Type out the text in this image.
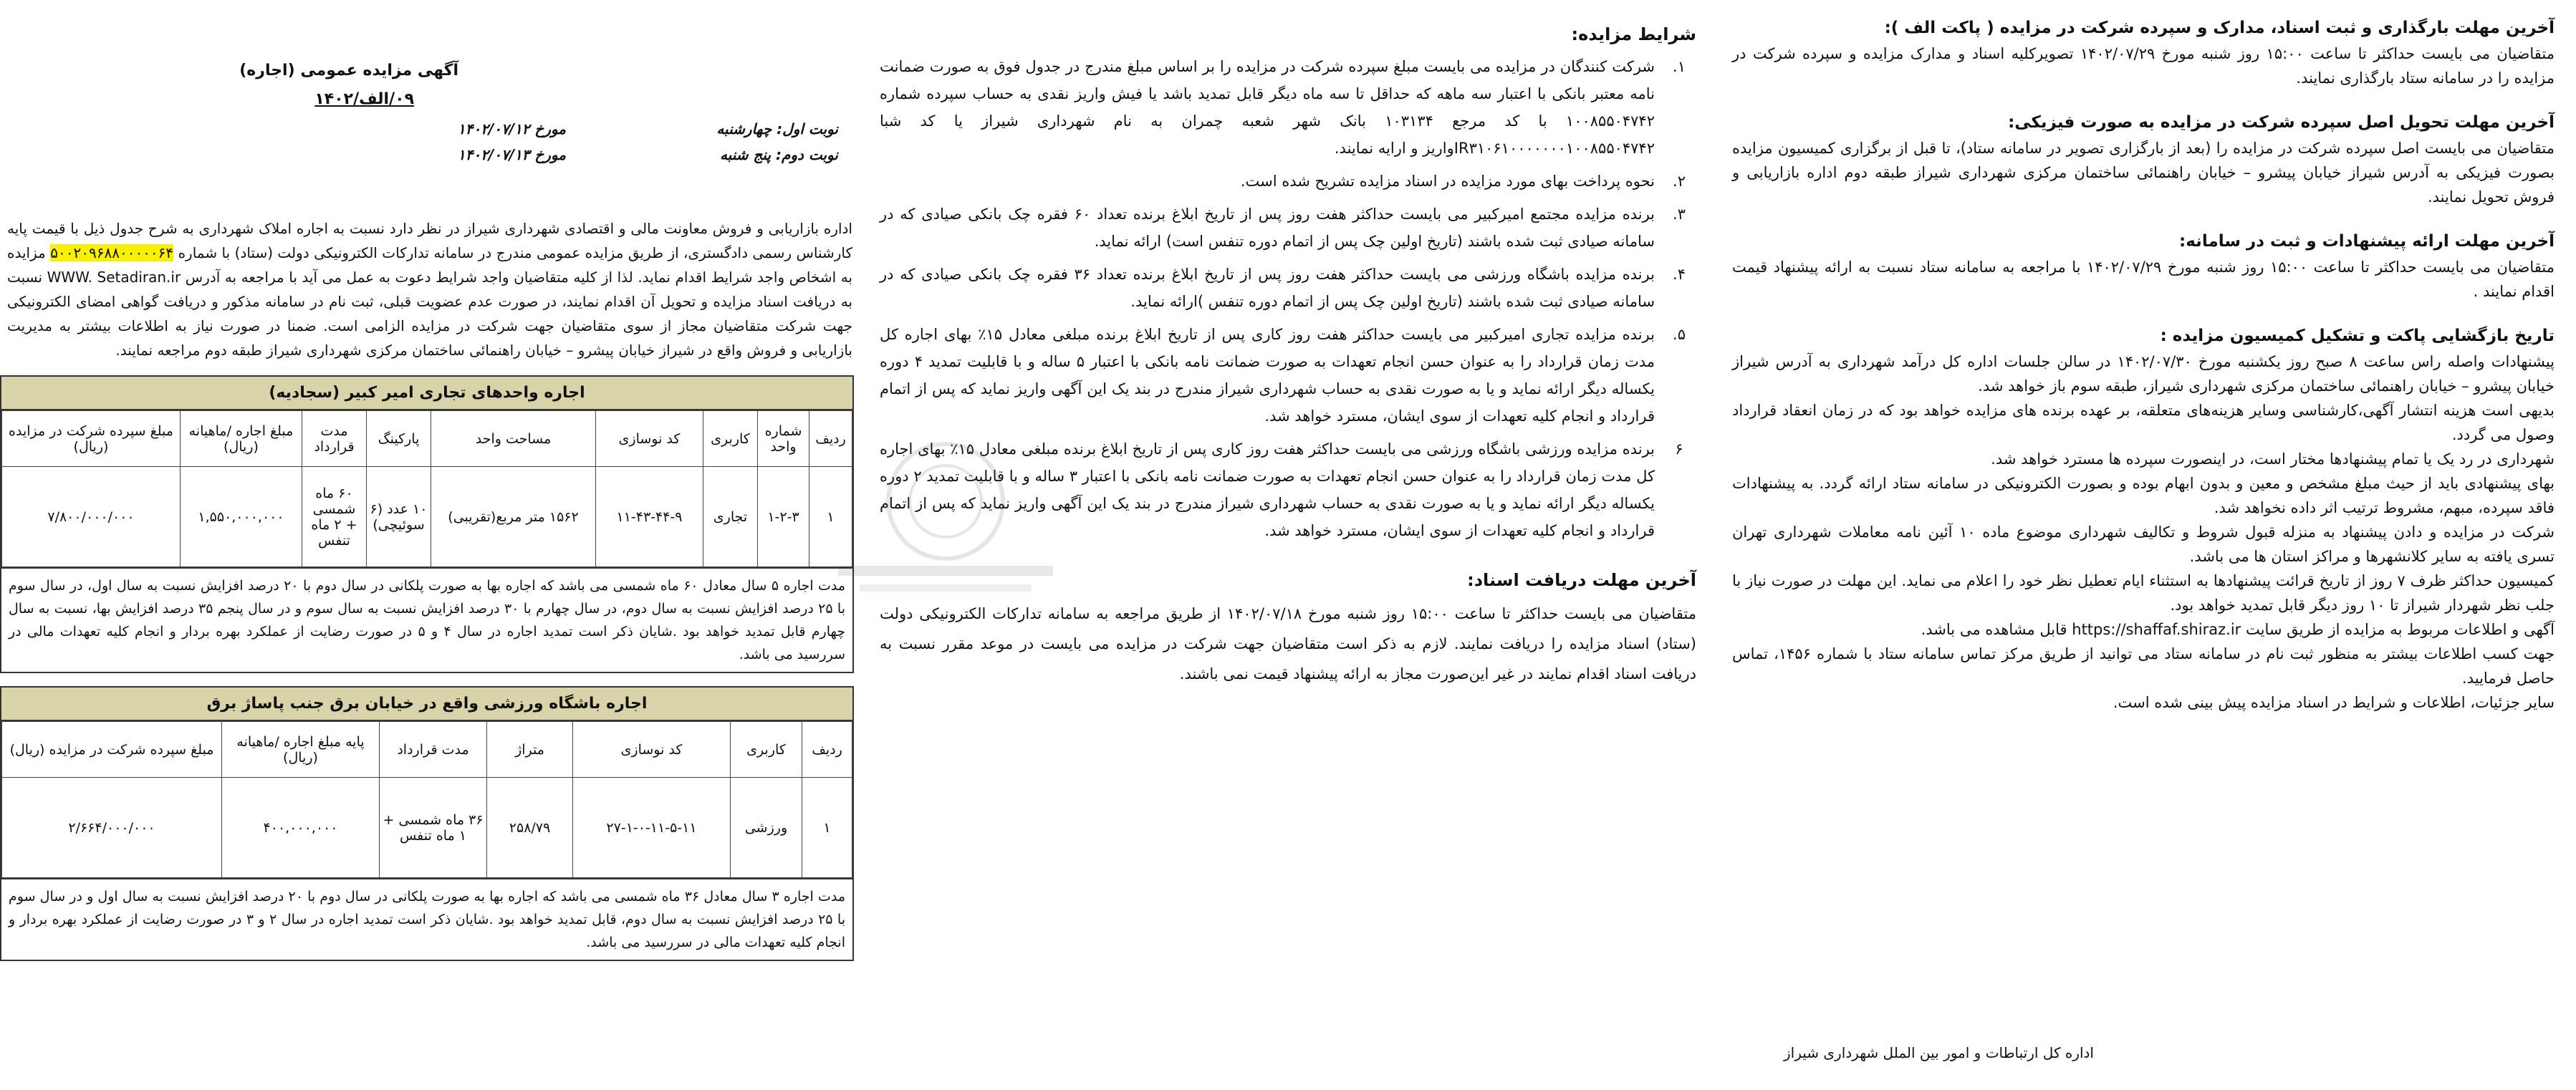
آخرین مهلت بارگذاری و ثبت اسناد، مدارک و سپرده شرکت در مزایده ( پاکت الف ):

متقاضیان می بایست حداکثر تا ساعت ۱۵:۰۰ روز شنبه مورخ ۱۴۰۲/۰۷/۲۹ تصویرکلیه اسناد و مدارک مزایده و سپرده شرکت در مزایده را در سامانه ستاد بارگذاری نمایند.

آخرین مهلت تحویل اصل سپرده شرکت در مزایده به صورت فیزیکی:

متقاضیان می بایست اصل سپرده شرکت در مزایده را (بعد از بارگزاری تصویر در سامانه ستاد)، تا قبل از برگزاری کمیسیون مزایده بصورت فیزیکی به آدرس شیراز خیابان پیشرو – خیابان راهنمائی ساختمان مرکزی شهرداری شیراز طبقه دوم اداره بازاریابی و فروش تحویل نمایند.

آخرین مهلت ارائه پیشنهادات و ثبت در سامانه:

متقاضیان می بایست حداکثر تا ساعت ۱۵:۰۰ روز شنبه مورخ ۱۴۰۲/۰۷/۲۹ با مراجعه به سامانه ستاد نسبت به ارائه پیشنهاد قیمت اقدام نمایند .

تاریخ بازگشایی پاکت و تشکیل کمیسیون مزایده :

پیشنهادات واصله راس ساعت ۸ صبح روز یکشنبه مورخ ۱۴۰۲/۰۷/۳۰ در سالن جلسات اداره کل درآمد شهرداری به آدرس شیراز خیابان پیشرو – خیابان راهنمائی ساختمان مرکزی شهرداری شیراز، طبقه سوم باز خواهد شد.

بدیهی است هزینه انتشار آگهی،کارشناسی وسایر هزینه‌های متعلقه، بر عهده برنده های مزایده خواهد بود که در زمان انعقاد قرارداد وصول می گردد.

شهرداری در رد یک یا تمام پیشنهادها مختار است، در اینصورت سپرده ها مسترد خواهد شد.

بهای پیشنهادی باید از حیث مبلغ مشخص و معین و بدون ابهام بوده و بصورت الکترونیکی در سامانه ستاد ارائه گردد. به پیشنهادات فاقد سپرده، مبهم، مشروط ترتیب اثر داده نخواهد شد.

شرکت در مزایده و دادن پیشنهاد به منزله قبول شروط و تکالیف شهرداری موضوع ماده ۱۰ آئین نامه معاملات شهرداری تهران تسری یافته به سایر کلانشهرها و مراکز استان ها می باشد.

کمیسیون حداکثر ظرف ۷ روز از تاریخ قرائت پیشنهادها به استثناء ایام تعطیل نظر خود را اعلام می نماید. این مهلت در صورت نیاز با جلب نظر شهردار شیراز تا ۱۰ روز دیگر قابل تمدید خواهد بود.

آگهی و اطلاعات مربوط به مزایده از طریق سایت https://shaffaf.shiraz.ir قابل مشاهده می باشد.

جهت کسب اطلاعات بیشتر به منظور ثبت نام در سامانه ستاد می توانید از طریق مرکز تماس سامانه ستاد با شماره ۱۴۵۶، تماس حاصل فرمایید.

سایر جزئیات، اطلاعات و شرایط در اسناد مزایده پیش بینی شده است.

اداره کل ارتباطات و امور بین الملل شهرداری شیراز
شرایط مزایده:
۱.
شرکت کنندگان در مزایده می بایست مبلغ سپرده شرکت در مزایده را بر اساس مبلغ مندرج در جدول فوق به صورت ضمانت نامه معتبر بانکی با اعتبار سه ماهه که حداقل تا سه ماه دیگر قابل تمدید باشد یا فیش واریز نقدی به حساب سپرده شماره ۱۰۰۸۵۵۰۴۷۴۲ با کد مرجع ۱۰۳۱۳۴ بانک شهر شعبه چمران به نام شهرداری شیراز یا کد شبا IR۳۱۰۶۱۰۰۰۰۰۰۰۱۰۰۸۵۵۰۴۷۴۲واریز و ارایه نمایند.
۲.
نحوه پرداخت بهای مورد مزایده در اسناد مزایده تشریح شده است.
۳.
برنده مزایده مجتمع امیرکبیر می بایست حداکثر هفت روز پس از تاریخ ابلاغ برنده تعداد ۶۰ فقره چک بانکی صیادی که در سامانه صیادی ثبت شده باشند (تاریخ اولین چک پس از اتمام دوره تنفس است) ارائه نماید.
۴.
برنده مزایده باشگاه ورزشی می بایست حداکثر هفت روز پس از تاریخ ابلاغ برنده تعداد ۳۶ فقره چک بانکی صیادی که در سامانه صیادی ثبت شده باشند (تاریخ اولین چک پس از اتمام دوره تنفس )ارائه نماید.
۵.
برنده مزایده تجاری امیرکبیر می بایست حداکثر هفت روز کاری پس از تاریخ ابلاغ برنده مبلغی معادل ۱۵٪ بهای اجاره کل مدت زمان قرارداد را به عنوان حسن انجام تعهدات به صورت ضمانت نامه بانکی با اعتبار ۵ ساله و با قابلیت تمدید ۴ دوره یکساله دیگر ارائه نماید و یا به صورت نقدی به حساب شهرداری شیراز مندرج در بند یک این آگهی واریز نماید که پس از اتمام قرارداد و انجام کلیه تعهدات از سوی ایشان، مسترد خواهد شد.
۶
برنده مزایده ورزشی باشگاه ورزشی می بایست حداکثر هفت روز کاری پس از تاریخ ابلاغ برنده مبلغی معادل ۱۵٪ بهای اجاره کل مدت زمان قرارداد را به عنوان حسن انجام تعهدات به صورت ضمانت نامه بانکی با اعتبار ۳ ساله و با قابلیت تمدید ۲ دوره یکساله دیگر ارائه نماید و یا به صورت نقدی به حساب شهرداری شیراز مندرج در بند یک این آگهی واریز نماید که پس از اتمام قرارداد و انجام کلیه تعهدات از سوی ایشان، مسترد خواهد شد.
آخرین مهلت دریافت اسناد:
متقاضیان می بایست حداکثر تا ساعت ۱۵:۰۰ روز شنبه مورخ ۱۴۰۲/۰۷/۱۸ از طریق مراجعه به سامانه تدارکات الکترونیکی دولت (ستاد) اسناد مزایده را دریافت نمایند. لازم به ذکر است متقاضیان جهت شرکت در مزایده می بایست در موعد مقرر نسبت به دریافت اسناد اقدام نمایند در غیر این‌صورت مجاز به ارائه پیشنهاد قیمت نمی باشند.
آگهی مزایده عمومی (اجاره)
۰۹/الف/۱۴۰۲
نوبت اول: چهارشنبه
مورخ ۱۴۰۲/۰۷/۱۲
نوبت دوم: پنج شنبه
مورخ ۱۴۰۲/۰۷/۱۳
اداره بازاریابی و فروش معاونت مالی و اقتصادی شهرداری شیراز در نظر دارد نسبت به اجاره املاک شهرداری به شرح جدول ذیل با قیمت پایه کارشناس رسمی دادگستری، از طریق مزایده عمومی مندرج در سامانه تدارکات الکترونیکی دولت (ستاد) با شماره ۵۰۰۲۰۹۶۸۸۰۰۰۰۰۶۴ مزایده به اشخاص واجد شرایط اقدام نماید. لذا از کلیه متقاضیان واجد شرایط دعوت به عمل می آید با مراجعه به آدرس WWW. Setadiran.ir نسبت به دریافت اسناد مزایده و تحویل آن اقدام نمایند، در صورت عدم عضویت قبلی، ثبت نام در سامانه مذکور و دریافت گواهی امضای الکترونیکی جهت شرکت متقاضیان مجاز از سوی متقاضیان جهت شرکت در مزایده الزامی است. ضمنا در صورت نیاز به اطلاعات بیشتر به مدیریت بازاریابی و فروش واقع در شیراز خیابان پیشرو – خیابان راهنمائی ساختمان مرکزی شهرداری شیراز طبقه دوم مراجعه نمایند.
اجاره واحدهای تجاری امیر کبیر (سجادیه)
ردیف	شماره واحد	کاربری	کد نوسازی	مساحت واحد	پارکینگ	مدت قرارداد	مبلغ اجاره /ماهیانه (ریال)	مبلغ سپرده شرکت در مزایده (ریال)
۱	۱-۲-۳	تجاری	۱۱-۴۳-۴۴-۹	۱۵۶۲ متر مربع(تقریبی)	۱۰ عدد (۶ سوئیچی)	۶۰ ماه شمسی + ۲ ماه تنفس	۱,۵۵۰,۰۰۰,۰۰۰	۷/۸۰۰/۰۰۰/۰۰۰
مدت اجاره ۵ سال معادل ۶۰ ماه شمسی می باشد که اجاره بها به صورت پلکانی در سال دوم با ۲۰ درصد افزایش نسبت به سال اول، در سال سوم با ۲۵ درصد افزایش نسبت به سال دوم، در سال چهارم با ۳۰ درصد افزایش نسبت به سال سوم و در سال پنجم ۳۵ درصد افزایش بها، نسبت به سال چهارم قابل تمدید خواهد بود .شایان ذکر است تمدید اجاره در سال ۴ و ۵ در صورت رضایت از عملکرد بهره بردار و انجام کلیه تعهدات مالی در سررسید می باشد.
اجاره باشگاه ورزشی واقع در خیابان برق جنب پاساژ برق
ردیف	کاربری	کد نوسازی	متراژ	مدت قرارداد	پایه مبلغ اجاره /ماهیانه (ریال)	مبلغ سپرده شرکت در مزایده (ریال)
۱	ورزشی	۲۷-۱-۰-۱۱-۵-۱۱	۲۵۸/۷۹	۳۶ ماه شمسی + ۱ ماه تنفس	۴۰۰,۰۰۰,۰۰۰	۲/۶۶۴/۰۰۰/۰۰۰
مدت اجاره ۳ سال معادل ۳۶ ماه شمسی می باشد که اجاره بها به صورت پلکانی در سال دوم با ۲۰ درصد افزایش نسبت به سال اول و در سال سوم با ۲۵ درصد افزایش نسبت به سال دوم، قابل تمدید خواهد بود .شایان ذکر است تمدید اجاره در سال ۲ و ۳ در صورت رضایت از عملکرد بهره بردار و انجام کلیه تعهدات مالی در سررسید می باشد.
